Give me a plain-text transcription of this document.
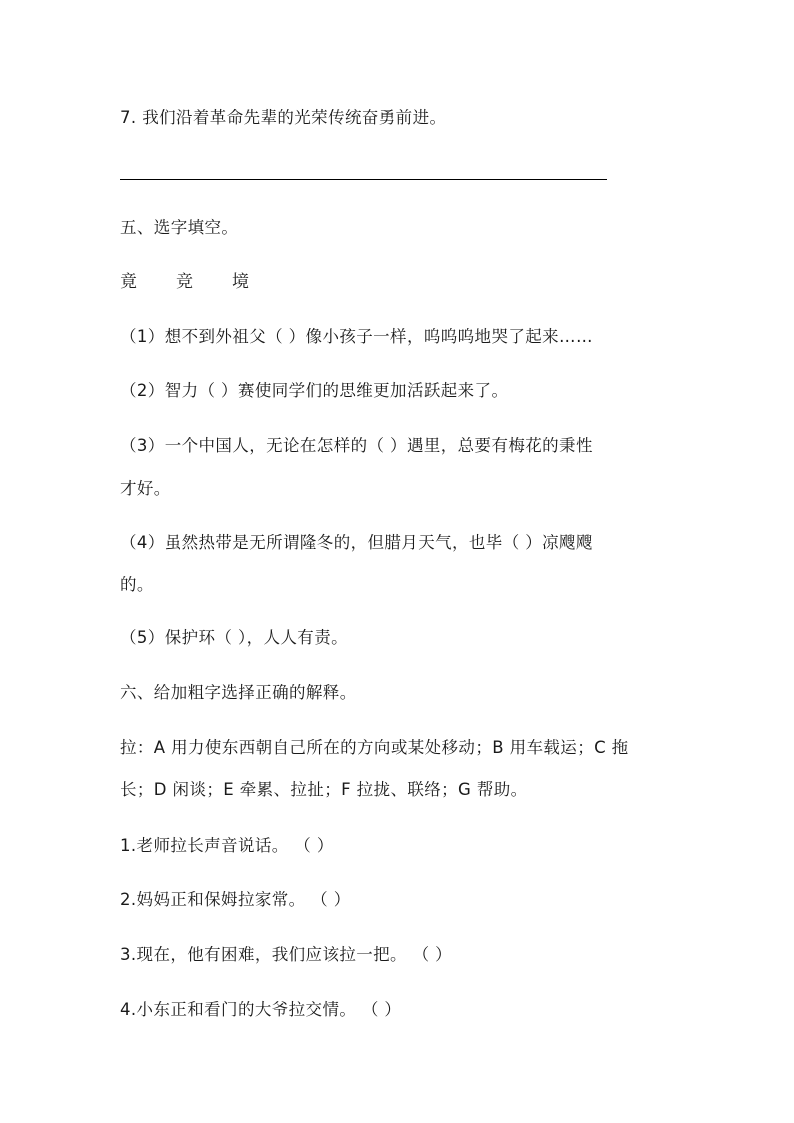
7. 我们沿着革命先辈的光荣传统奋勇前进。
五、选字填空。
竟 竞 境
（1）想不到外祖父（ ）像小孩子一样，呜呜呜地哭了起来……
（2）智力（ ）赛使同学们的思维更加活跃起来了。
（3）一个中国人，无论在怎样的（ ）遇里，总要有梅花的秉性
才好。
（4）虽然热带是无所谓隆冬的，但腊月天气，也毕（ ）凉飕飕
的。
（5）保护环（ ），人人有责。
六、给加粗字选择正确的解释。
拉：A 用力使东西朝自己所在的方向或某处移动；B 用车载运；C 拖
长；D 闲谈；E 牵累、拉扯；F 拉拢、联络；G 帮助。
1.老师拉长声音说话。 （ ）
2.妈妈正和保姆拉家常。 （ ）
3.现在，他有困难，我们应该拉一把。 （ ）
4.小东正和看门的大爷拉交情。 （ ）
